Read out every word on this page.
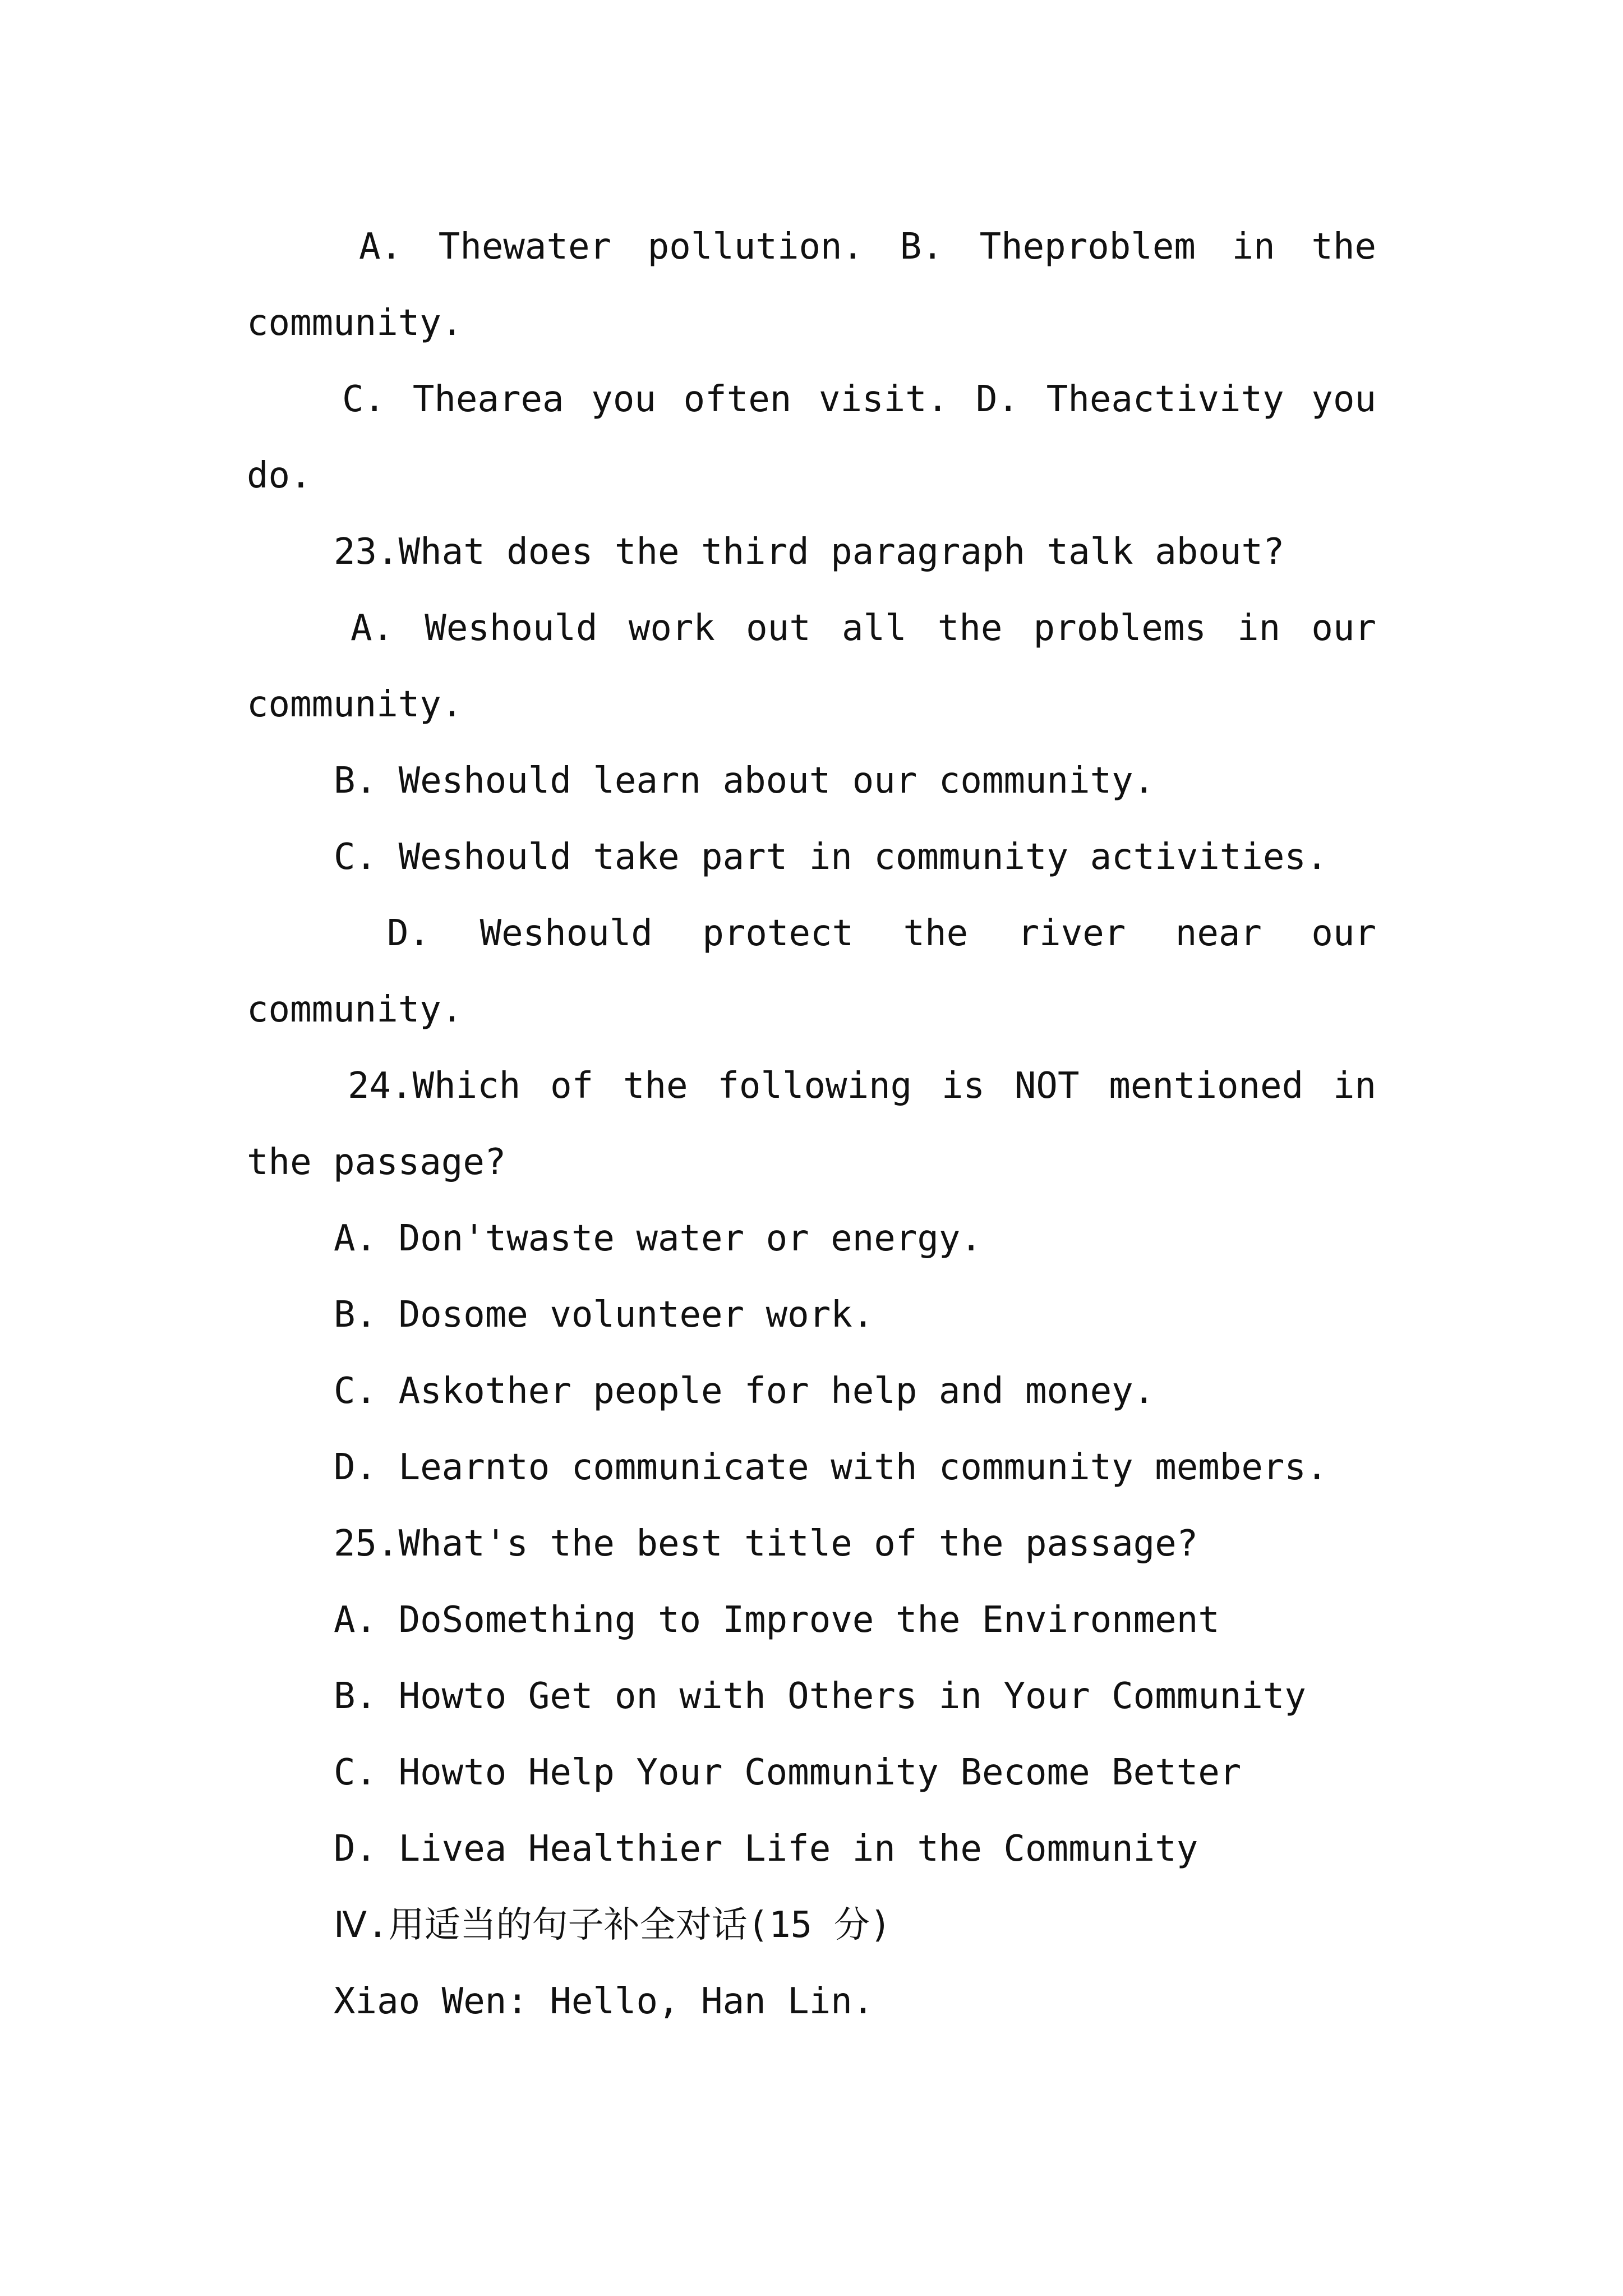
A. Thewater pollution. B. Theproblem in the
community.
C. Thearea you often visit. D. Theactivity you
do.
23.What does the third paragraph talk about?
A. Weshould work out all the problems in our
community.
B. Weshould learn about our community.
C. Weshould take part in community activities.
D. Weshould protect the river near our
community.
24.Which of the following is NOT mentioned in
the passage?
A. Don'twaste water or energy.
B. Dosome volunteer work.
C. Askother people for help and money.
D. Learnto communicate with community members.
25.What's the best title of the passage?
A. DoSomething to Improve the Environment
B. Howto Get on with Others in Your Community
C. Howto Help Your Community Become Better
D. Livea Healthier Life in the Community
Ⅳ.用适当的句子补全对话(15 分)
Xiao Wen: Hello, Han Lin.
